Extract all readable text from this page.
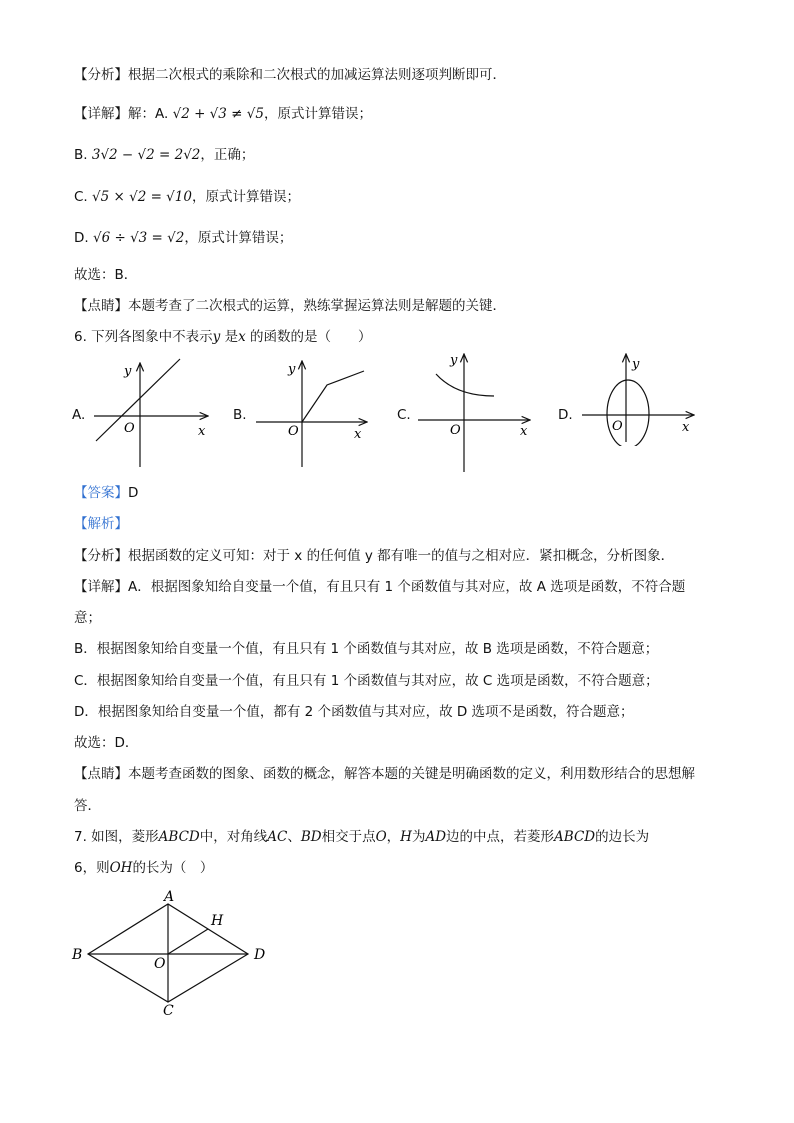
【分析】根据二次根式的乘除和二次根式的加减运算法则逐项判断即可．
【详解】解：A. √2 + √3 ≠ √5，原式计算错误；
B. 3√2 − √2 = 2√2，正确；
C. √5 × √2 = √10，原式计算错误；
D. √6 ÷ √3 = √2，原式计算错误；
故选：B．
【点睛】本题考查了二次根式的运算，熟练掌握运算法则是解题的关键．
6. 下列各图象中不表示y 是x 的函数的是（　　）
A.	B.	C.	D.
y
x
O
y
x
O
y
x
O
y
x
O
【答案】D
【解析】
【分析】根据函数的定义可知：对于 x 的任何值 y 都有唯一的值与之相对应．紧扣概念，分析图象．
【详解】A．根据图象知给自变量一个值，有且只有 1 个函数值与其对应，故 A 选项是函数，不符合题
意；
B．根据图象知给自变量一个值，有且只有 1 个函数值与其对应，故 B 选项是函数，不符合题意；
C．根据图象知给自变量一个值，有且只有 1 个函数值与其对应，故 C 选项是函数，不符合题意；
D．根据图象知给自变量一个值，都有 2 个函数值与其对应，故 D 选项不是函数，符合题意；
故选：D．
【点睛】本题考查函数的图象、函数的概念，解答本题的关键是明确函数的定义，利用数形结合的思想解
答．
7. 如图，菱形ABCD中，对角线AC、BD相交于点O，H为AD边的中点，若菱形ABCD的边长为
6，则OH的长为（　）
A
B	D
C
O
H
